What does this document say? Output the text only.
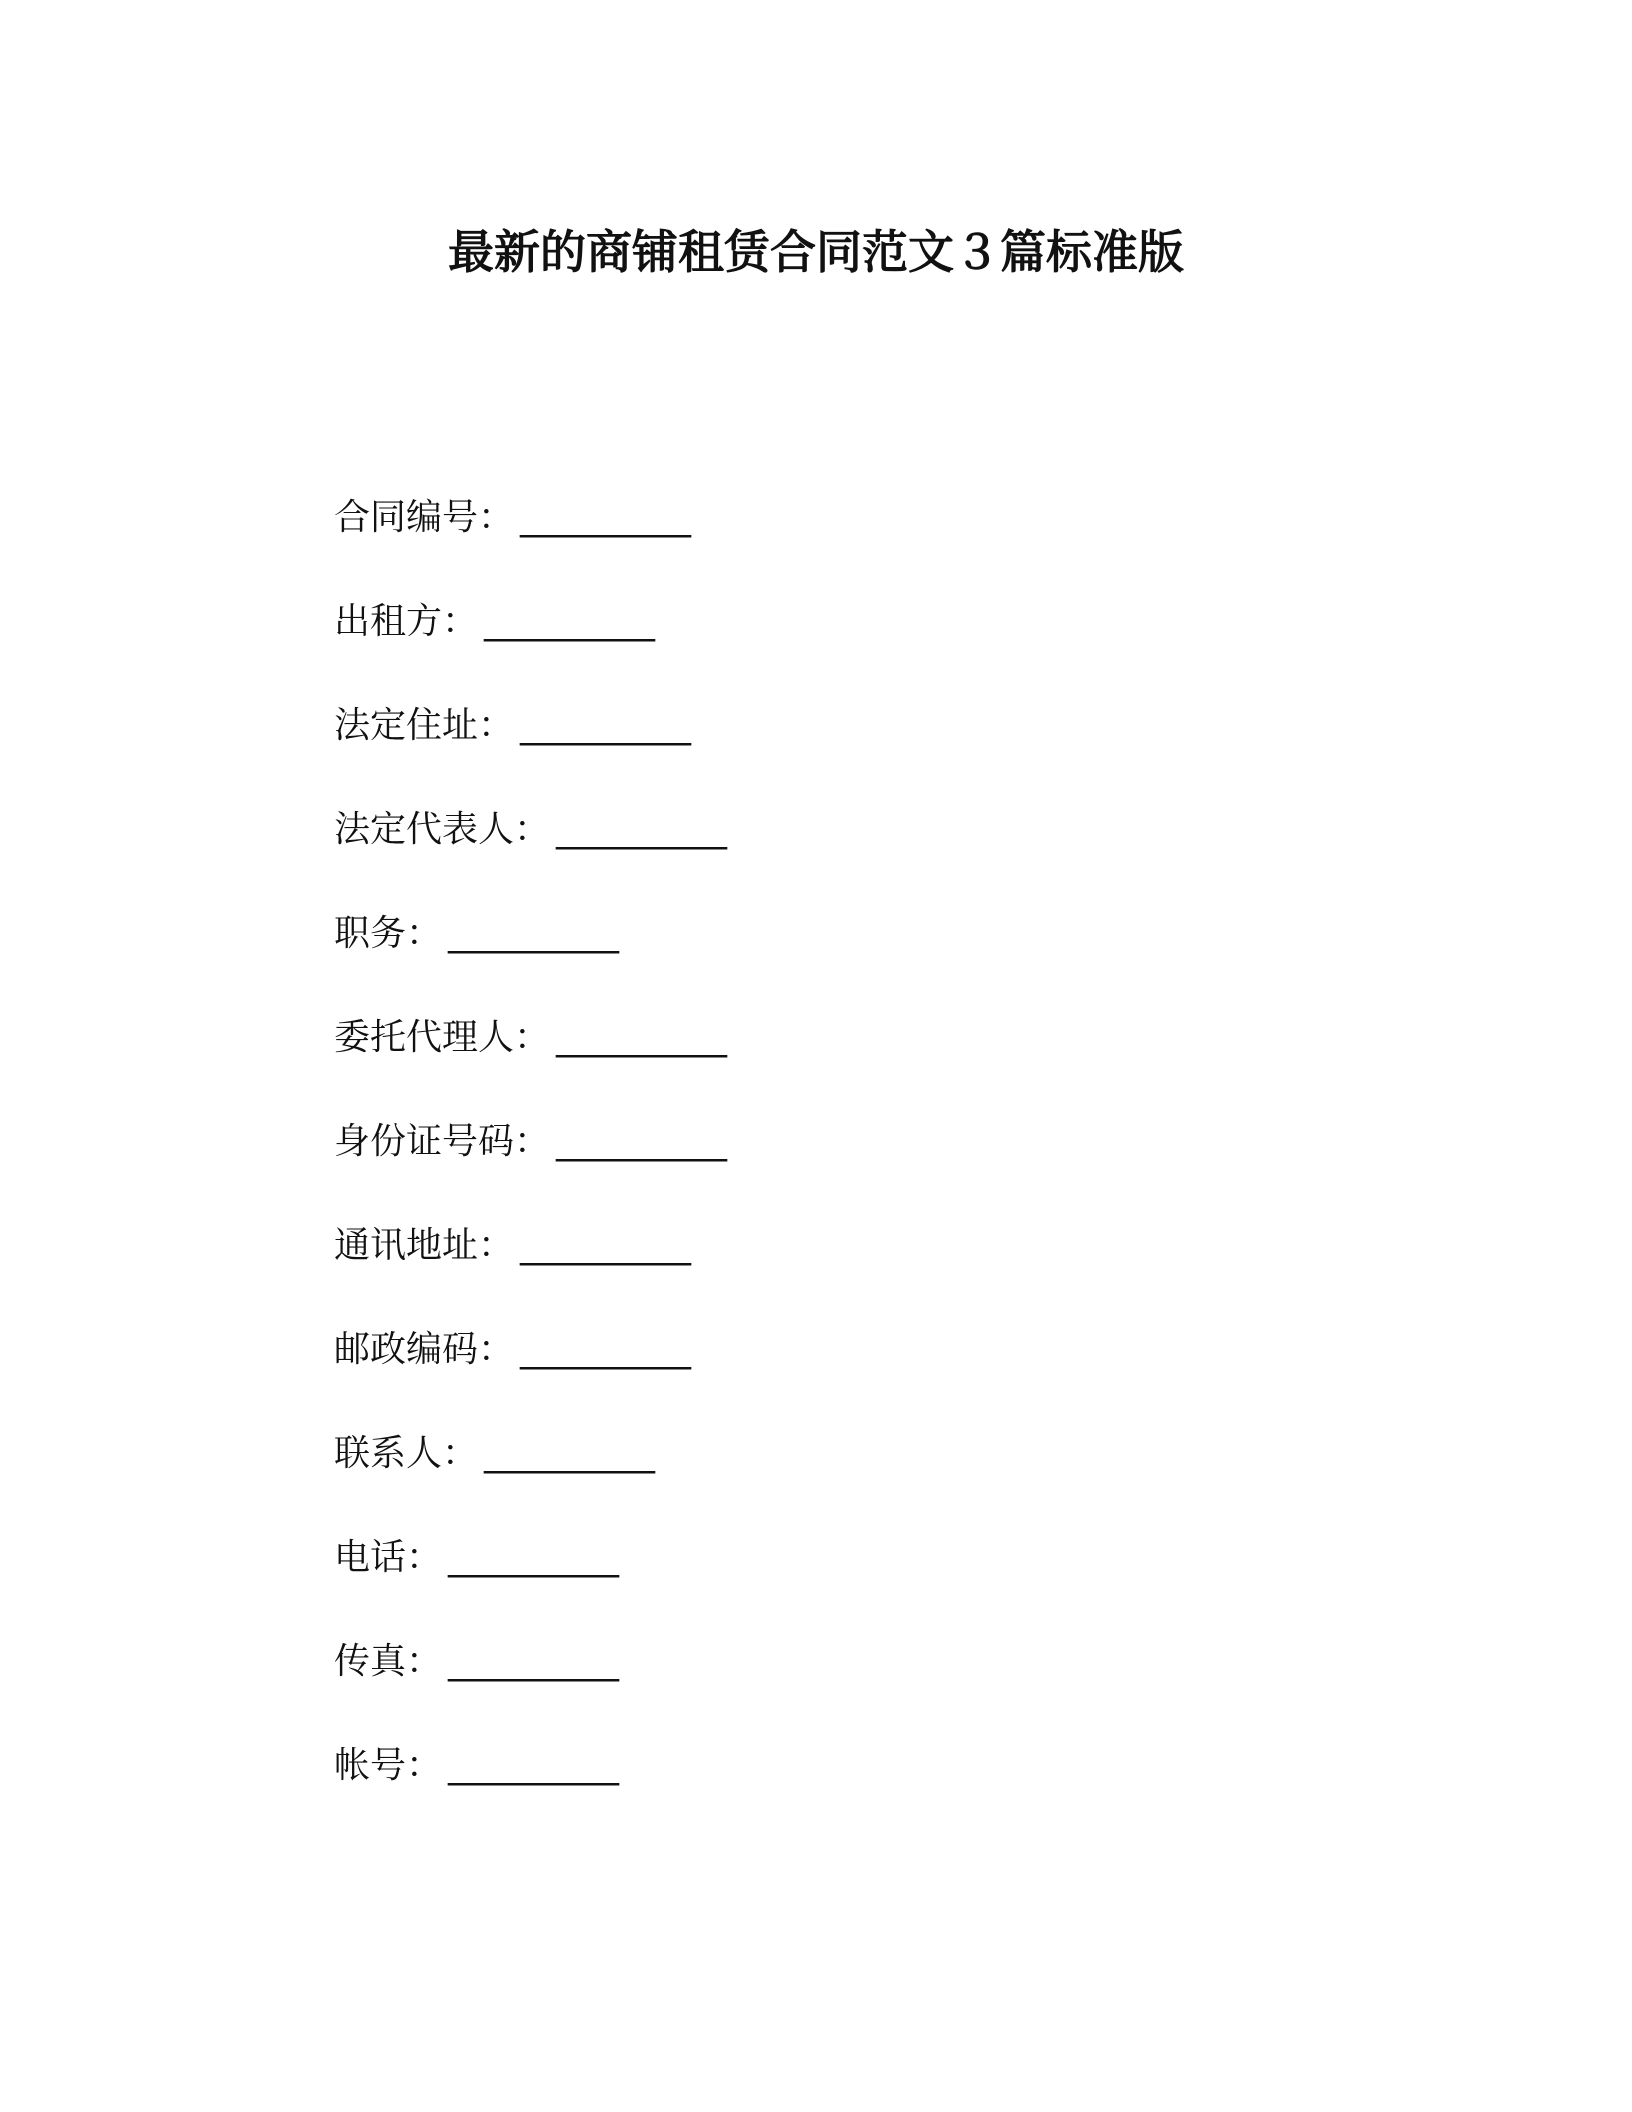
最新的商铺租赁合同范文３篇标准版
合同编号 ： __________
出租方 ： __________
法定住址 ： __________
法定代表人 ： __________
职务 ： __________
委托代理人 ： __________
身份证号码 ： __________
通讯地址 ： __________
邮政编码 ： __________
联系人 ： __________
电话 ： __________
传真 ： __________
帐号 ： __________
